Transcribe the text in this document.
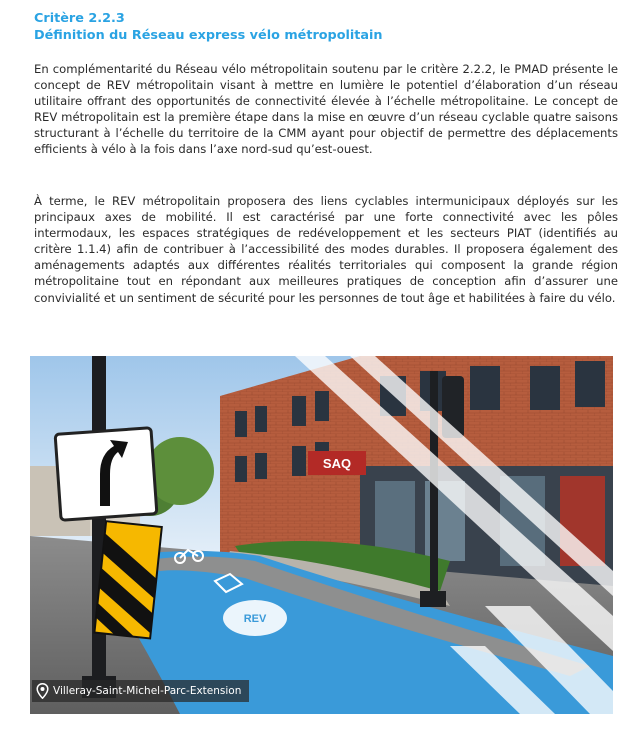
Critère 2.2.3
Définition du Réseau express vélo métropolitain

En complémentarité du Réseau vélo métropolitain soutenu par le critère 2.2.2, le PMAD présente le concept de REV métropolitain visant à mettre en lumière le potentiel d’élaboration d’un réseau utilitaire offrant des opportunités de connectivité élevée à l’échelle métropolitaine. Le concept de REV métropolitain est la première étape dans la mise en œuvre d’un réseau cyclable quatre saisons structurant à l’échelle du territoire de la CMM ayant pour objectif de permettre des déplacements efficients à vélo à la fois dans l’axe nord-sud qu’est-ouest.

À terme, le REV métropolitain proposera des liens cyclables intermunicipaux déployés sur les principaux axes de mobilité. Il est caractérisé par une forte connectivité avec les pôles intermodaux, les espaces stratégiques de redéveloppement et les secteurs PIAT (identifiés au critère 1.1.4) afin de contribuer à l’accessibilité des modes durables. Il proposera également des aménagements adaptés aux différentes réalités territoriales qui composent la grande région métropolitaine tout en répondant aux meilleures pratiques de conception afin d’assurer une convivialité et un sentiment de sécurité pour les personnes de tout âge et habilitées à faire du vélo.

SAQ
REV
Villeray-Saint-Michel-Parc-Extension
